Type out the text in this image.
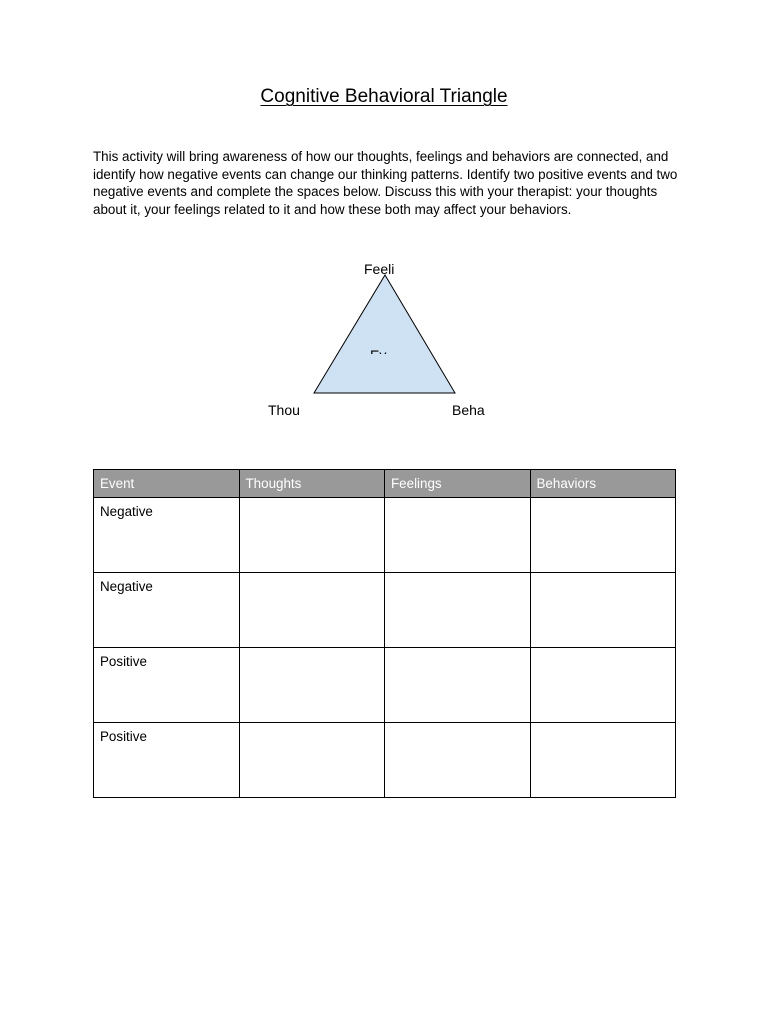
Cognitive Behavioral Triangle

This activity will bring awareness of how our thoughts, feelings and behaviors are connected, and identify how negative events can change our thinking patterns. Identify two positive events and two negative events and complete the spaces below. Discuss this with your therapist: your thoughts about it, your feelings related to it and how these both may affect your behaviors.

Feeli
Thou	Beha
Event	Thoughts	Feelings	Behaviors
Negative			
Negative			
Positive			
Positive			
